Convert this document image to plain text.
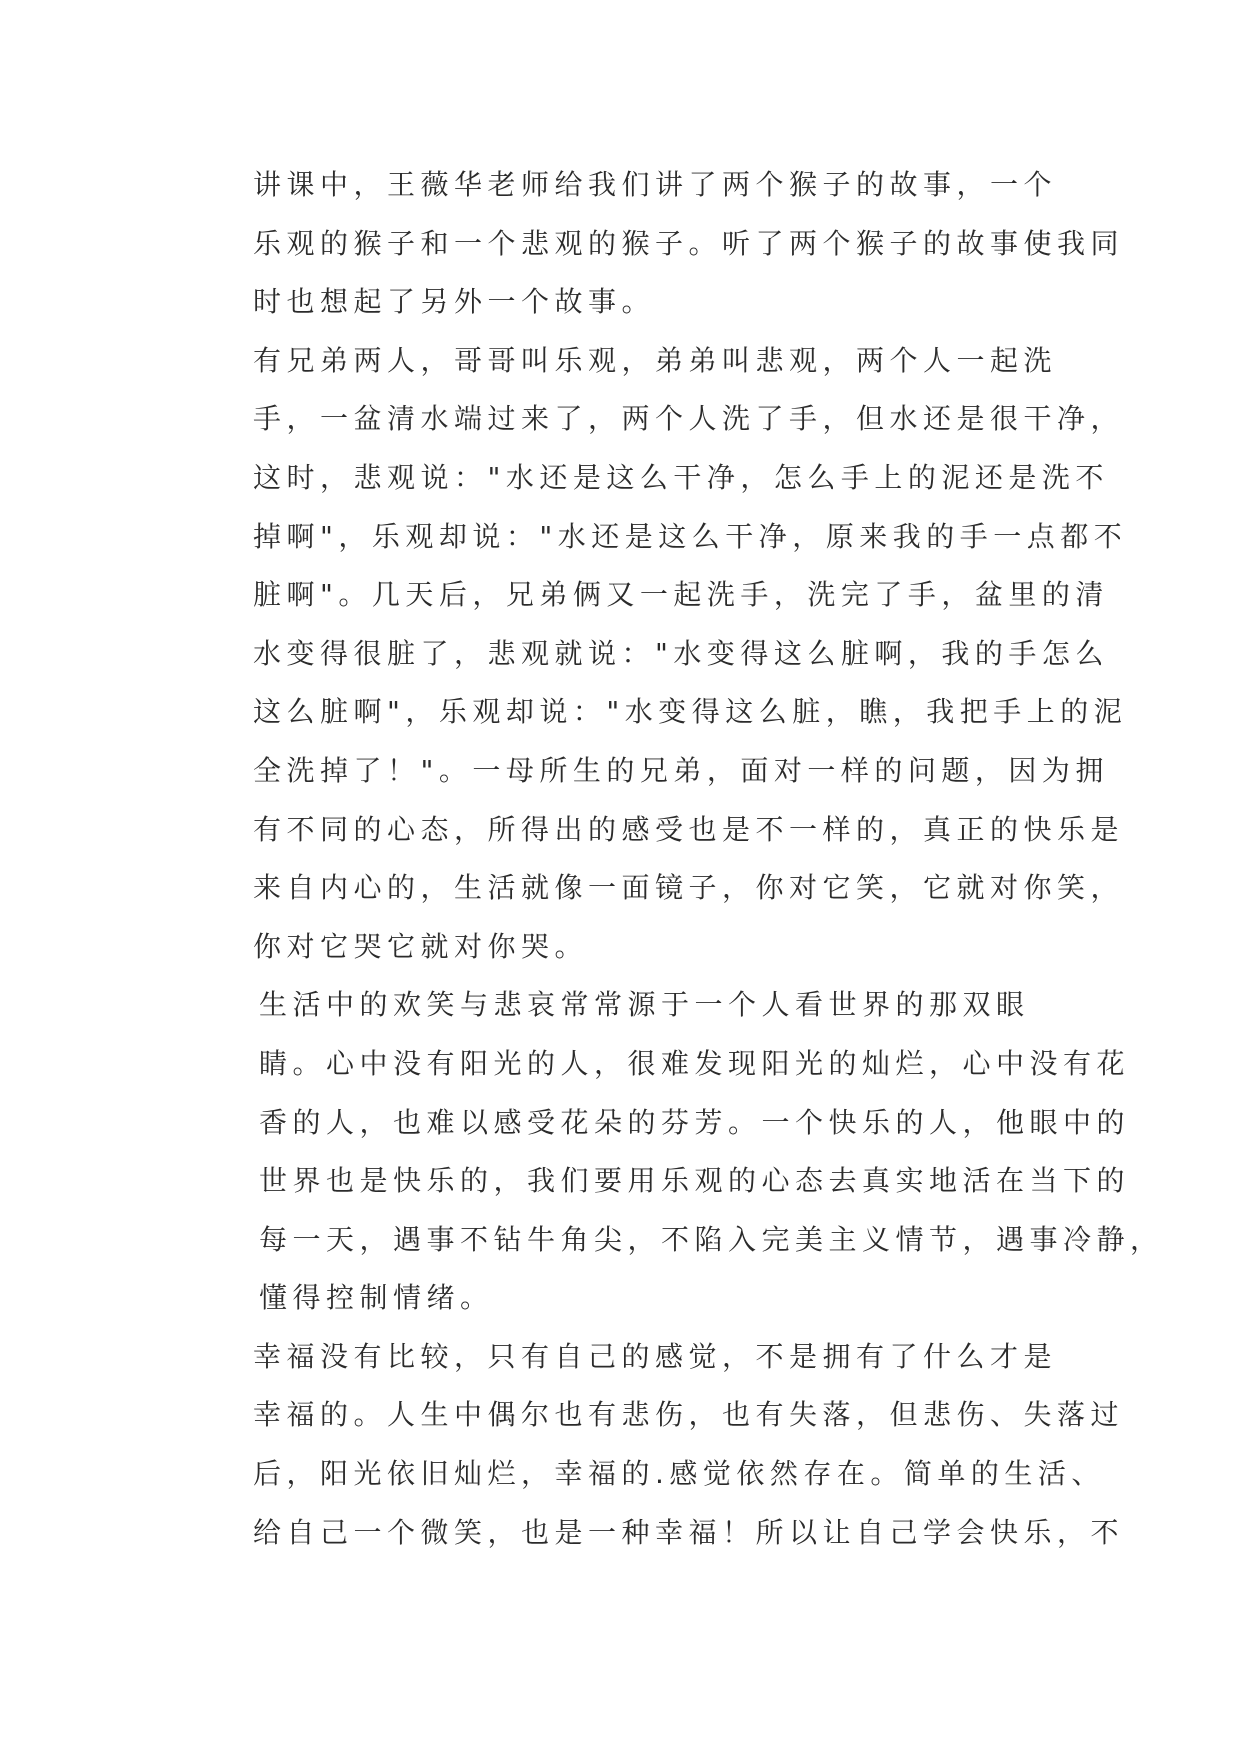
讲课中，王薇华老师给我们讲了两个猴子的故事，一个
乐观的猴子和一个悲观的猴子。听了两个猴子的故事使我同
时也想起了另外一个故事。

有兄弟两人，哥哥叫乐观，弟弟叫悲观，两个人一起洗
手，一盆清水端过来了，两个人洗了手，但水还是很干净，
这时，悲观说："水还是这么干净，怎么手上的泥还是洗不
掉啊"，乐观却说："水还是这么干净，原来我的手一点都不
脏啊"。几天后，兄弟俩又一起洗手，洗完了手，盆里的清
水变得很脏了，悲观就说："水变得这么脏啊，我的手怎么
这么脏啊"，乐观却说："水变得这么脏，瞧，我把手上的泥
全洗掉了！"。一母所生的兄弟，面对一样的问题，因为拥
有不同的心态，所得出的感受也是不一样的，真正的快乐是
来自内心的，生活就像一面镜子，你对它笑，它就对你笑，
你对它哭它就对你哭。

生活中的欢笑与悲哀常常源于一个人看世界的那双眼
睛。心中没有阳光的人，很难发现阳光的灿烂，心中没有花
香的人，也难以感受花朵的芬芳。一个快乐的人，他眼中的
世界也是快乐的，我们要用乐观的心态去真实地活在当下的
每一天，遇事不钻牛角尖，不陷入完美主义情节，遇事冷静，
懂得控制情绪。

幸福没有比较，只有自己的感觉，不是拥有了什么才是
幸福的。人生中偶尔也有悲伤，也有失落，但悲伤、失落过
后，阳光依旧灿烂，幸福的.感觉依然存在。简单的生活、
给自己一个微笑，也是一种幸福！所以让自己学会快乐，不
